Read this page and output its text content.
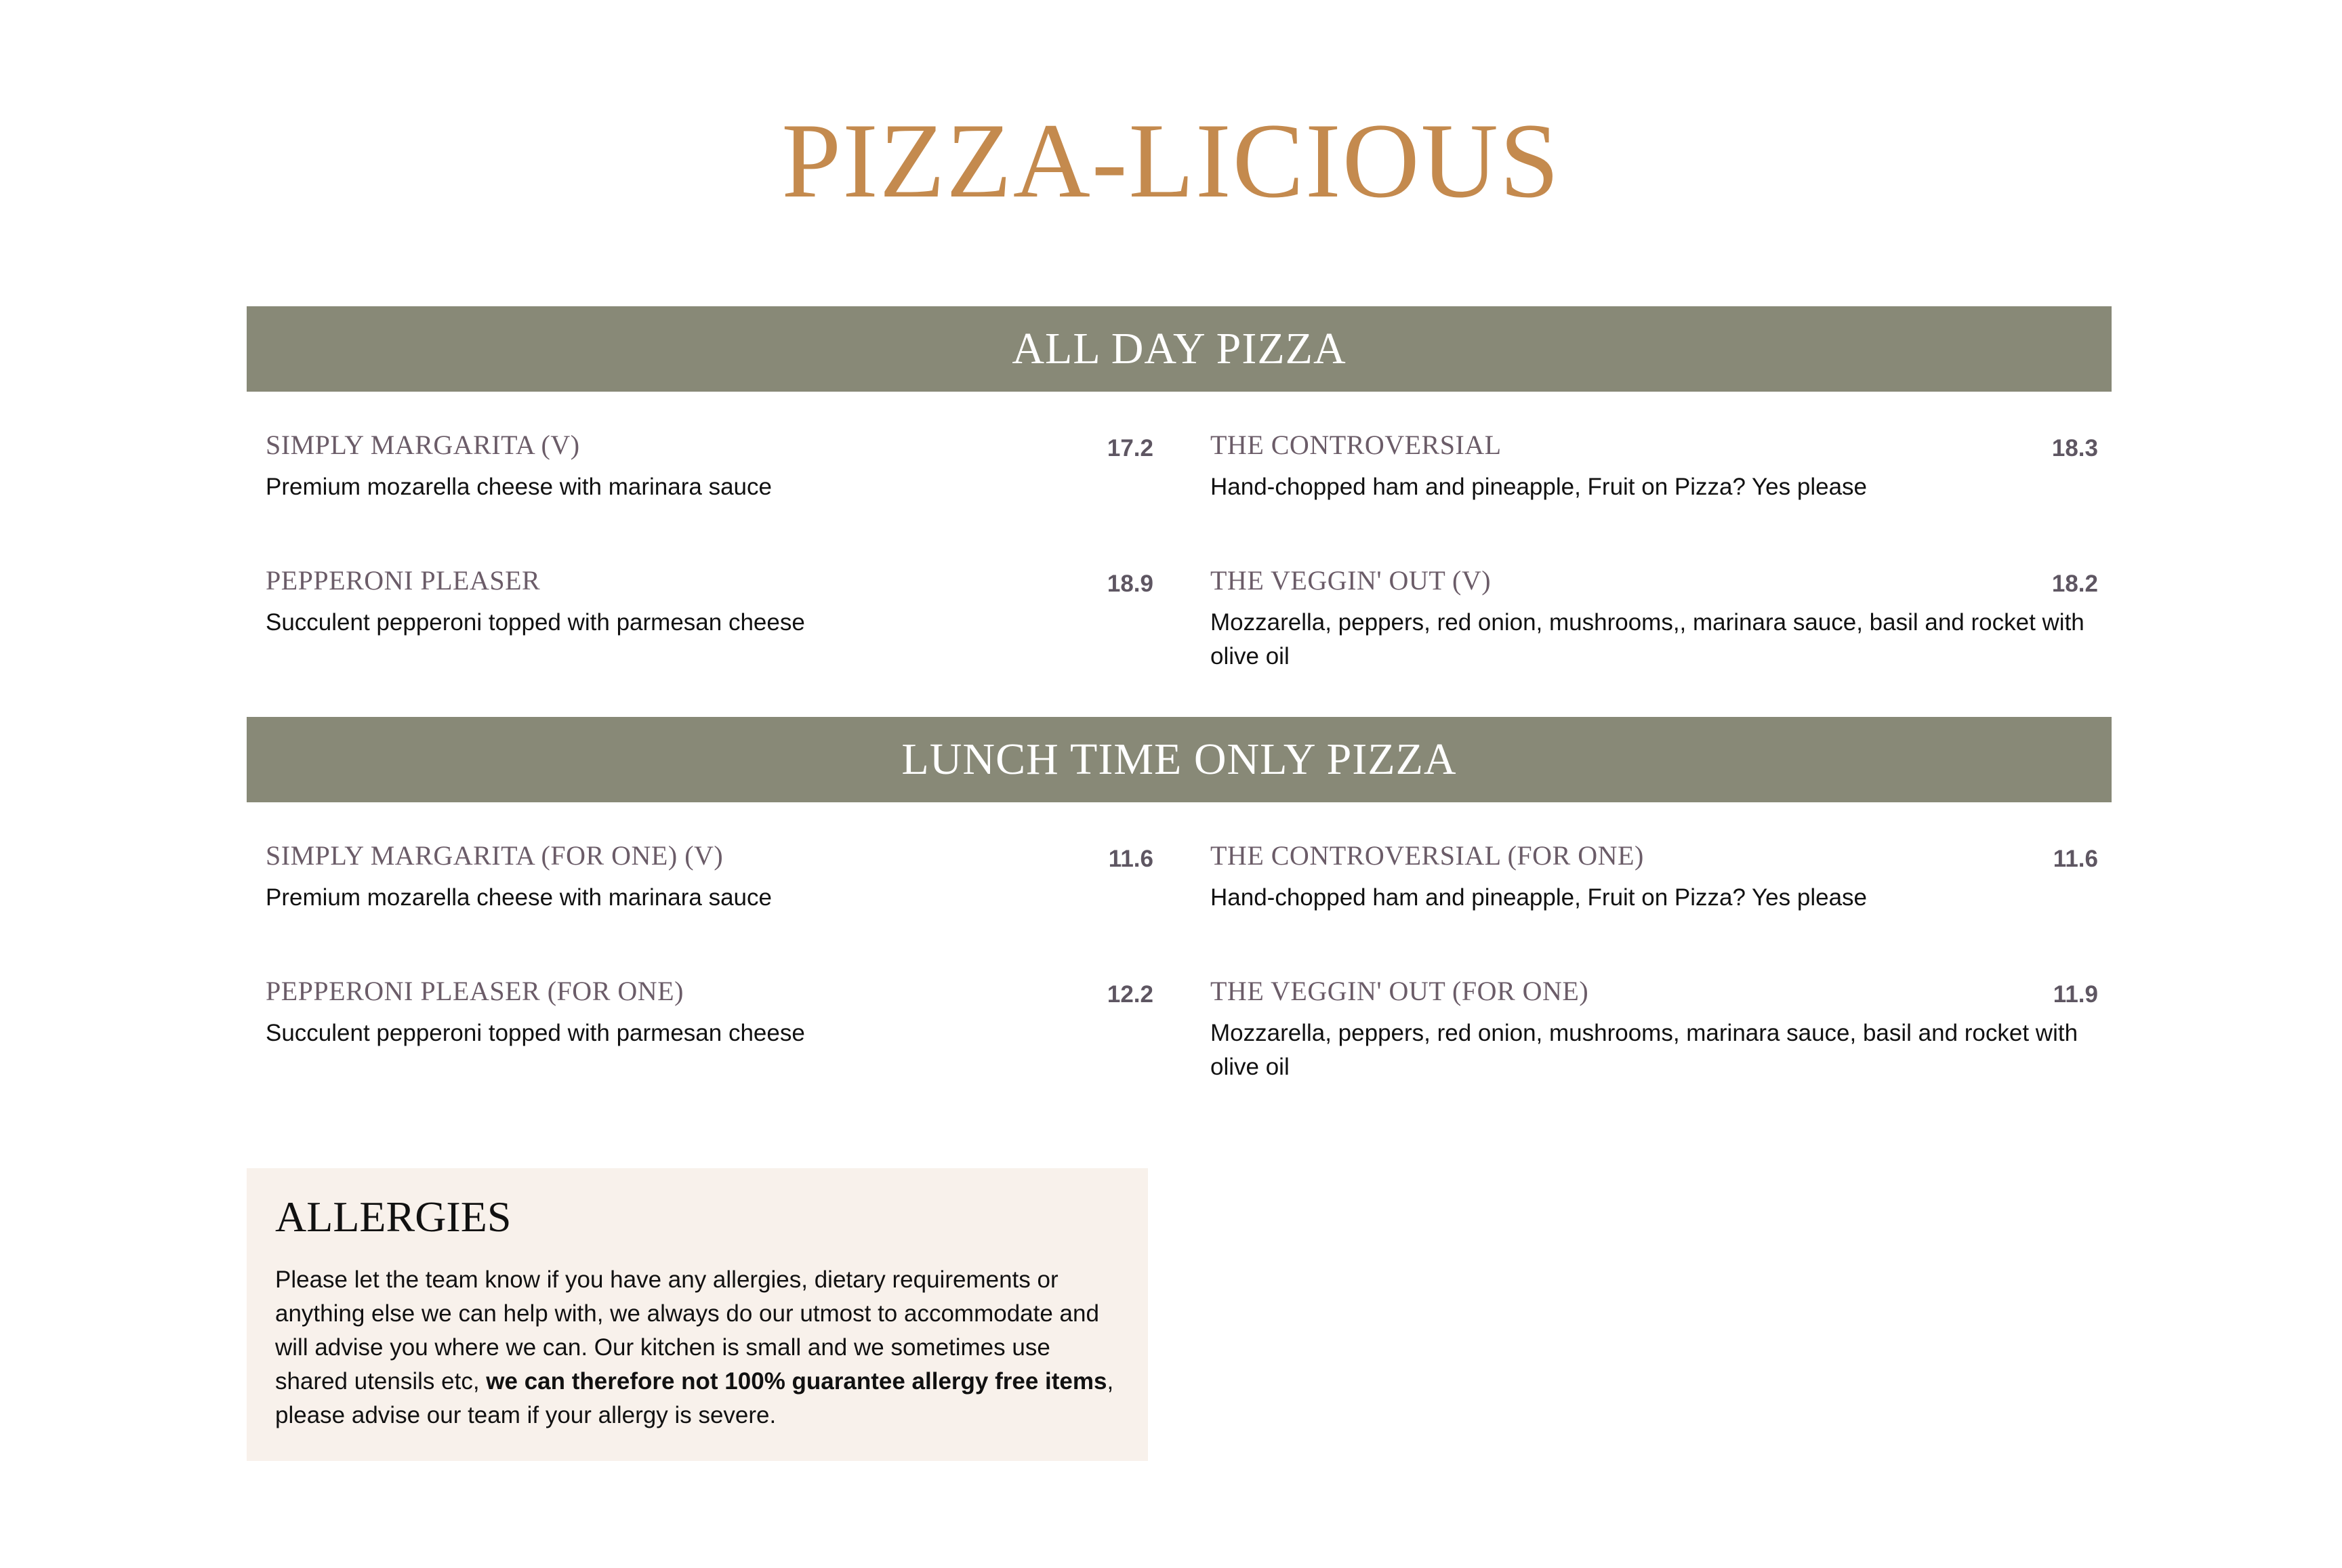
PIZZA-LICIOUS
ALL DAY PIZZA
SIMPLY MARGARITA (V)	17.2
Premium mozarella cheese with marinara sauce
THE CONTROVERSIAL	18.3
Hand-chopped ham and pineapple, Fruit on Pizza? Yes please
PEPPERONI PLEASER	18.9
Succulent pepperoni topped with parmesan cheese
THE VEGGIN' OUT (V)	18.2
Mozzarella, peppers, red onion, mushrooms,, marinara sauce, basil and rocket with olive oil
LUNCH TIME ONLY PIZZA
SIMPLY MARGARITA (FOR ONE) (V)	11.6
Premium mozarella cheese with marinara sauce
THE CONTROVERSIAL (FOR ONE)	11.6
Hand-chopped ham and pineapple, Fruit on Pizza? Yes please
PEPPERONI PLEASER (FOR ONE)	12.2
Succulent pepperoni topped with parmesan cheese
THE VEGGIN' OUT (FOR ONE)	11.9
Mozzarella, peppers, red onion, mushrooms, marinara sauce, basil and rocket with olive oil
ALLERGIES
Please let the team know if you have any allergies, dietary requirements or anything else we can help with, we always do our utmost to accommodate and will advise you where we can. Our kitchen is small and we sometimes use shared utensils etc, we can therefore not 100% guarantee allergy free items, please advise our team if your allergy is severe.
